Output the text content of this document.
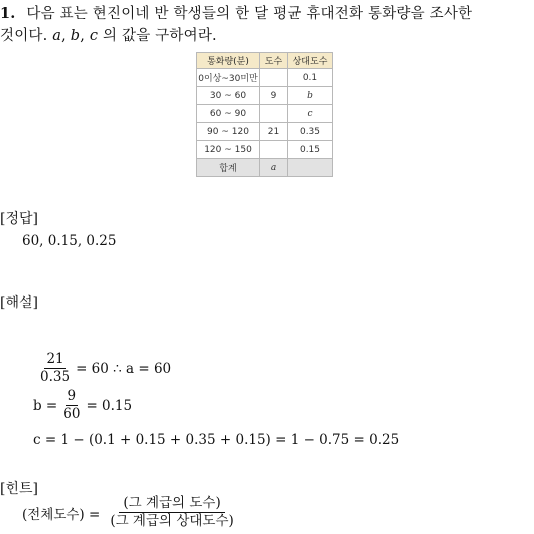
1. 다음 표는 현진이네 반 학생들의 한 달 평균 휴대전화 통화량을 조사한
것이다. a, b, c 의 값을 구하여라.
통화량(분)	도수	상대도수
0이상~30미만		0.1
30 ~ 60	9	b
60 ~ 90		c
90 ~ 120	21	0.35
120 ~ 150		0.15
합계	a	
[정답]
60, 0.15, 0.25
[해설]
$\frac{21}{0.35} = 60$ ∴ a = 60
$b = \frac{9}{60} = 0.15$
c = 1 − (0.1 + 0.15 + 0.35 + 0.15) = 1 − 0.75 = 0.25
[힌트]
(전체도수) = $\frac{\text{(그 계급의 도수)}}{\text{(그 계급의 상대도수)}}$
